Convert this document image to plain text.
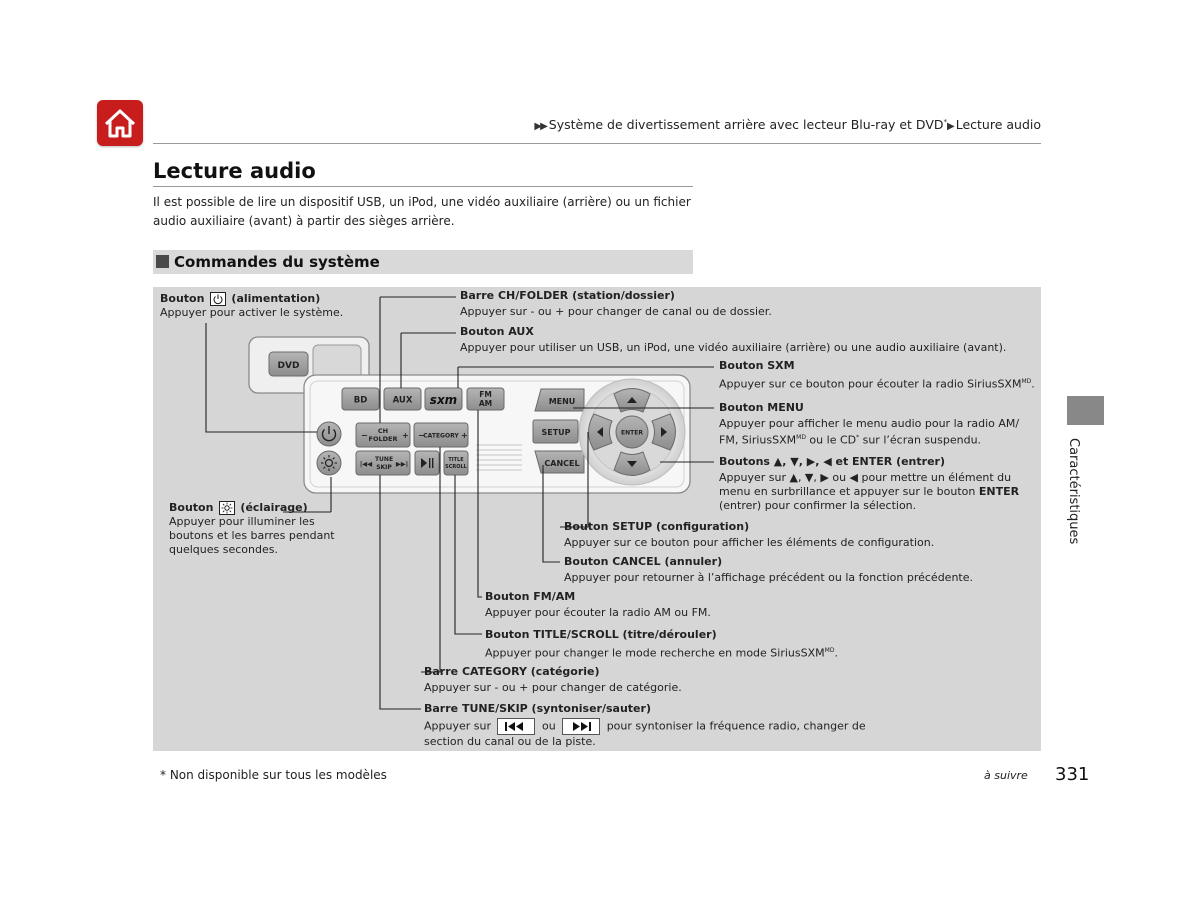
▶▶ Système de divertissement arrière avec lecteur Blu-ray et DVD*▶ Lecture audio
Lecture audio
Il est possible de lire un dispositif USB, un iPod, une vidéo auxiliaire (arrière) ou un fichier audio auxiliaire (avant) à partir des sièges arrière.
Commandes du système
DVD
BD	AUX sxm	FM
AM
−	+
CH
FOLDER	−	+
CATEGORY
|◀◀	▶▶|
TUNE
SKIP
TITLE
SCROLL
MENU
SETUP
CANCEL
ENTER
Bouton (alimentation)
Appuyer pour activer le système.
Bouton (éclairage)
Appuyer pour illuminer les
boutons et les barres pendant
quelques secondes.
Barre CH/FOLDER (station/dossier)
Appuyer sur - ou + pour changer de canal ou de dossier.
Bouton AUX
Appuyer pour utiliser un USB, un iPod, une vidéo auxiliaire (arrière) ou une audio auxiliaire (avant).
Bouton SXM
Appuyer sur ce bouton pour écouter la radio SiriusSXM$^{MD}$.
Bouton MENU
Appuyer pour afficher le menu audio pour la radio AM/
FM, SiriusSXM$^{MD}$ ou le CD* sur l’écran suspendu.
Boutons ▲, ▼, ▶, ◀ et ENTER (entrer)
Appuyer sur ▲, ▼, ▶ ou ◀ pour mettre un élément du
menu en surbrillance et appuyer sur le bouton ENTER
(entrer) pour confirmer la sélection.
Bouton SETUP (configuration)
Appuyer sur ce bouton pour afficher les éléments de configuration.
Bouton CANCEL (annuler)
Appuyer pour retourner à l’affichage précédent ou la fonction précédente.
Bouton FM/AM
Appuyer pour écouter la radio AM ou FM.
Bouton TITLE/SCROLL (titre/dérouler)
Appuyer pour changer le mode recherche en mode SiriusSXM$^{MD}$.
Barre CATEGORY (catégorie)
Appuyer sur - ou + pour changer de catégorie.
Barre TUNE/SKIP (syntoniser/sauter)
Appuyer sur	ou	pour syntoniser la fréquence radio, changer de
section du canal ou de la piste.
Caractéristiques
* Non disponible sur tous les modèles	à suivre 331
